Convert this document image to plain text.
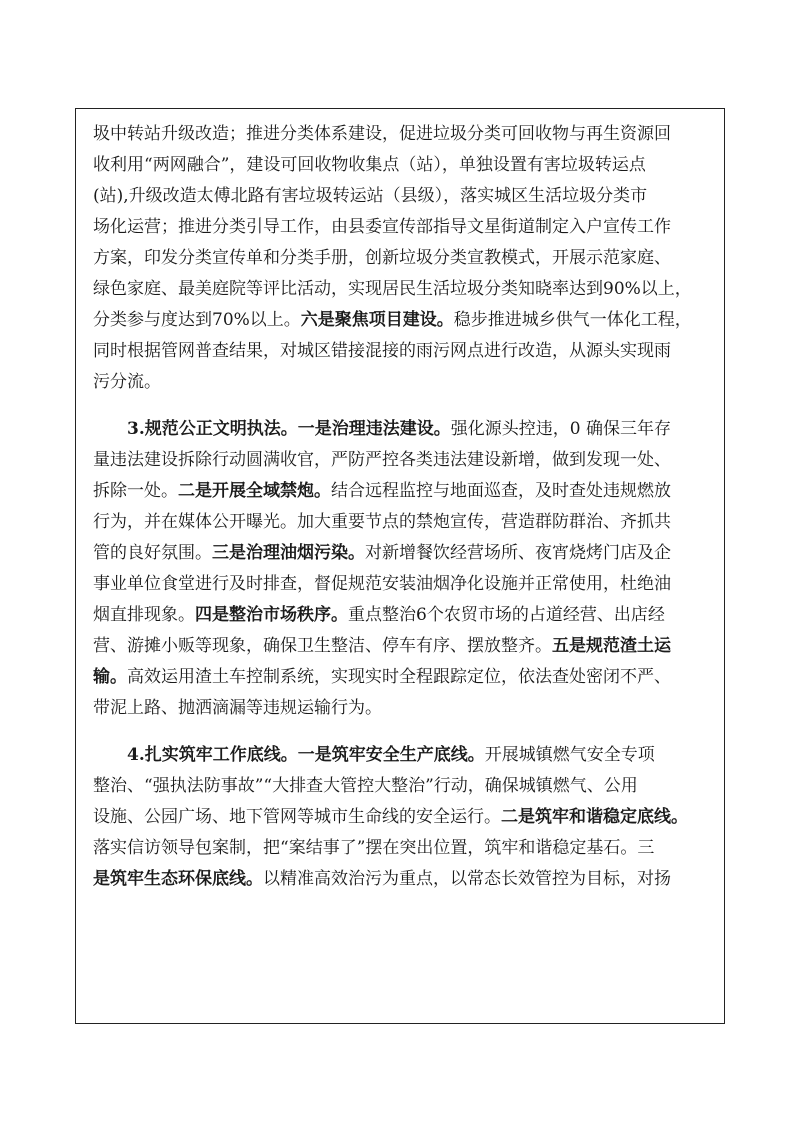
圾中转站升级改造；推进分类体系建设，促进垃圾分类可回收物与再生资源回
收利用“两网融合”，建设可回收物收集点（站），单独设置有害垃圾转运点
(站),升级改造太傅北路有害垃圾转运站（县级），落实城区生活垃圾分类市
场化运营；推进分类引导工作，由县委宣传部指导文星街道制定入户宣传工作
方案，印发分类宣传单和分类手册，创新垃圾分类宣教模式，开展示范家庭、
绿色家庭、最美庭院等评比活动，实现居民生活垃圾分类知晓率达到90%以上，
分类参与度达到70%以上。六是聚焦项目建设。稳步推进城乡供气一体化工程，
同时根据管网普查结果，对城区错接混接的雨污网点进行改造，从源头实现雨
污分流。
3.规范公正文明执法。一是治理违法建设。强化源头控违，0 确保三年存
量违法建设拆除行动圆满收官，严防严控各类违法建设新增，做到发现一处、
拆除一处。二是开展全域禁炮。结合远程监控与地面巡查，及时查处违规燃放
行为，并在媒体公开曝光。加大重要节点的禁炮宣传，营造群防群治、齐抓共
管的良好氛围。三是治理油烟污染。对新增餐饮经营场所、夜宵烧烤门店及企
事业单位食堂进行及时排查，督促规范安装油烟净化设施并正常使用，杜绝油
烟直排现象。四是整治市场秩序。重点整治6个农贸市场的占道经营、出店经
营、游摊小贩等现象，确保卫生整洁、停车有序、摆放整齐。五是规范渣土运
输。高效运用渣土车控制系统，实现实时全程跟踪定位，依法查处密闭不严、
带泥上路、抛洒滴漏等违规运输行为。
4.扎实筑牢工作底线。一是筑牢安全生产底线。开展城镇燃气安全专项
整治、“强执法防事故”“大排查大管控大整治”行动，确保城镇燃气、公用
设施、公园广场、地下管网等城市生命线的安全运行。二是筑牢和谐稳定底线。
落实信访领导包案制，把“案结事了”摆在突出位置，筑牢和谐稳定基石。三
是筑牢生态环保底线。以精准高效治污为重点，以常态长效管控为目标，对扬
